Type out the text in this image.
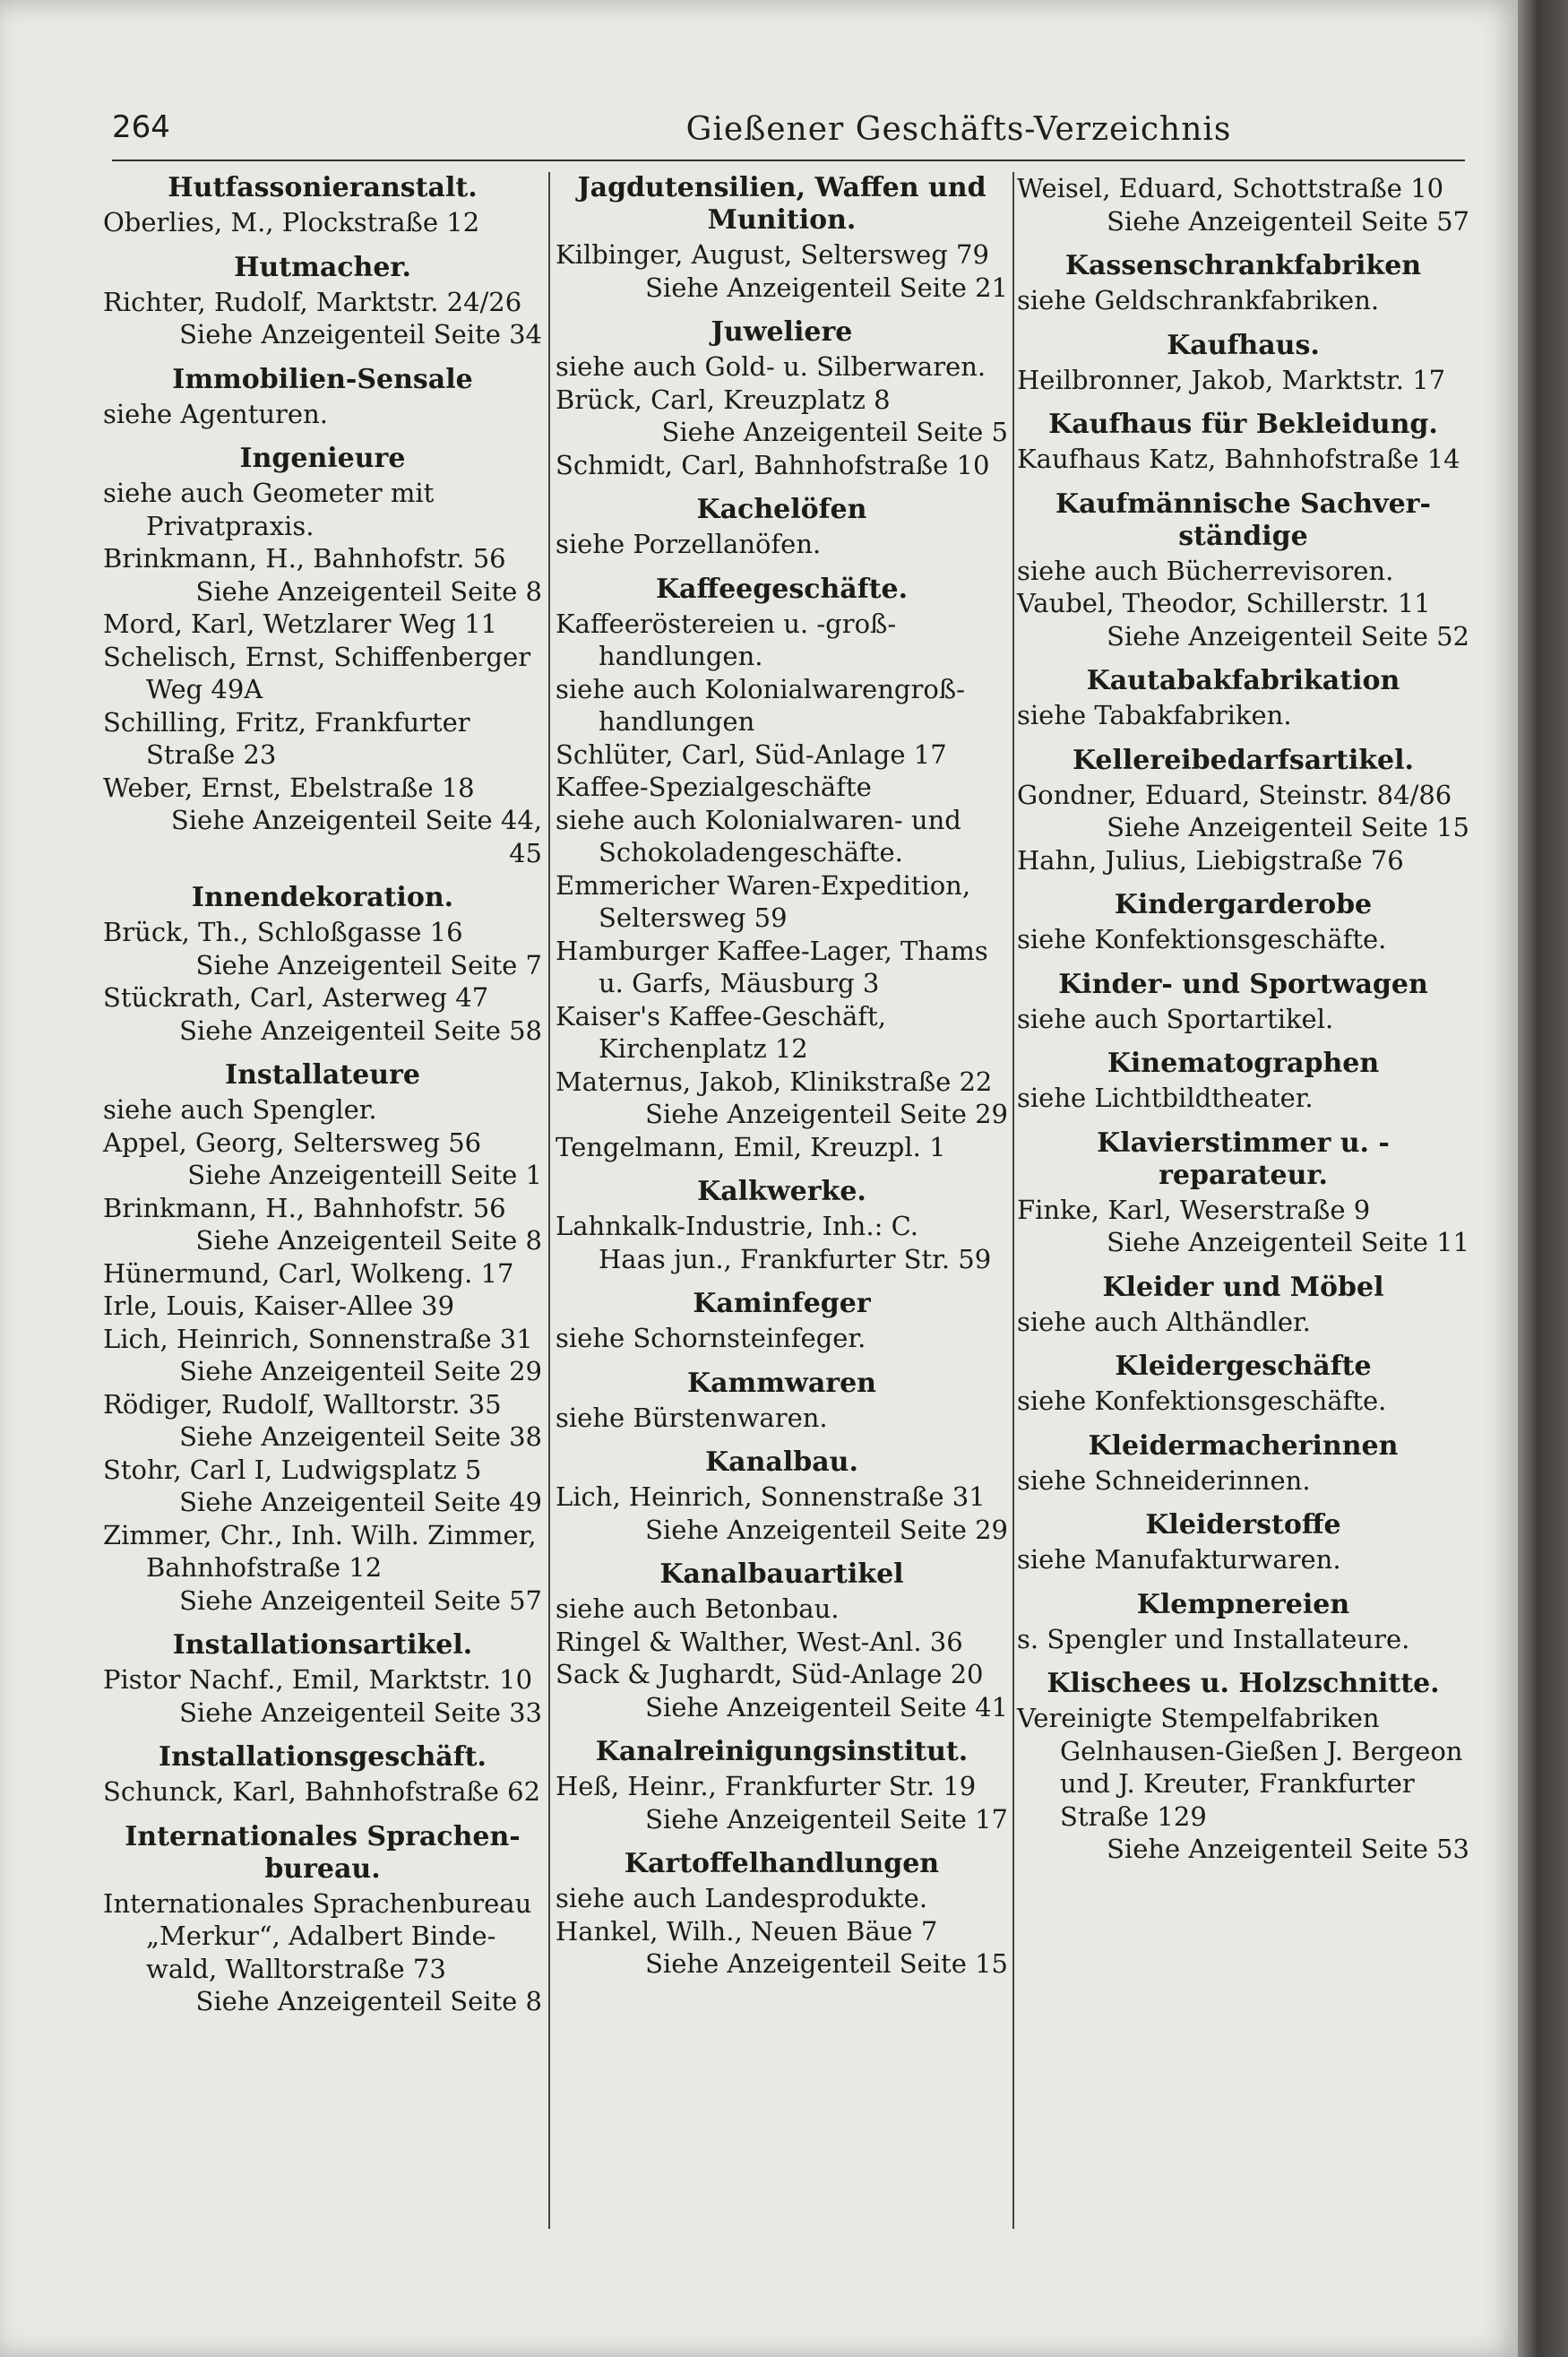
264	Gießener Geschäfts-Verzeichnis
Hutfassonieranstalt.
Oberlies, M., Plockstraße 12
Hutmacher.
Richter, Rudolf, Marktstr. 24/26
Siehe Anzeigenteil Seite 34
Immobilien-Sensale
siehe Agenturen.
Ingenieure
siehe auch Geometer mit
Privatpraxis.
Brinkmann, H., Bahnhofstr. 56
Siehe Anzeigenteil Seite 8
Mord, Karl, Wetzlarer Weg 11
Schelisch, Ernst, Schiffenberger
Weg 49A
Schilling, Fritz, Frankfurter
Straße 23
Weber, Ernst, Ebelstraße 18
Siehe Anzeigenteil Seite 44, 45
Innendekoration.
Brück, Th., Schloßgasse 16
Siehe Anzeigenteil Seite 7
Stückrath, Carl, Asterweg 47
Siehe Anzeigenteil Seite 58
Installateure
siehe auch Spengler.
Appel, Georg, Seltersweg 56
Siehe Anzeigenteill Seite 1
Brinkmann, H., Bahnhofstr. 56
Siehe Anzeigenteil Seite 8
Hünermund, Carl, Wolkeng. 17
Irle, Louis, Kaiser-Allee 39
Lich, Heinrich, Sonnenstraße 31
Siehe Anzeigenteil Seite 29
Rödiger, Rudolf, Walltorstr. 35
Siehe Anzeigenteil Seite 38
Stohr, Carl I, Ludwigsplatz 5
Siehe Anzeigenteil Seite 49
Zimmer, Chr., Inh. Wilh. Zimmer,
Bahnhofstraße 12
Siehe Anzeigenteil Seite 57
Installationsartikel.
Pistor Nachf., Emil, Marktstr. 10
Siehe Anzeigenteil Seite 33
Installationsgeschäft.
Schunck, Karl, Bahnhofstraße 62
Internationales Sprachen-bureau.
Internationales Sprachenbureau
„Merkur“, Adalbert Binde-
wald, Walltorstraße 73
Siehe Anzeigenteil Seite 8
Jagdutensilien, Waffen und Munition.
Kilbinger, August, Seltersweg 79
Siehe Anzeigenteil Seite 21
Juweliere
siehe auch Gold- u. Silberwaren.
Brück, Carl, Kreuzplatz 8
Siehe Anzeigenteil Seite 5
Schmidt, Carl, Bahnhofstraße 10
Kachelöfen
siehe Porzellanöfen.
Kaffeegeschäfte.
Kaffeeröstereien u. -groß-
handlungen.
siehe auch Kolonialwarengroß-
handlungen
Schlüter, Carl, Süd-Anlage 17
Kaffee-Spezialgeschäfte
siehe auch Kolonialwaren- und
Schokoladengeschäfte.
Emmericher Waren-Expedition,
Seltersweg 59
Hamburger Kaffee-Lager, Thams
u. Garfs, Mäusburg 3
Kaiser's Kaffee-Geschäft,
Kirchenplatz 12
Maternus, Jakob, Klinikstraße 22
Siehe Anzeigenteil Seite 29
Tengelmann, Emil, Kreuzpl. 1
Kalkwerke.
Lahnkalk-Industrie, Inh.: C.
Haas jun., Frankfurter Str. 59
Kaminfeger
siehe Schornsteinfeger.
Kammwaren
siehe Bürstenwaren.
Kanalbau.
Lich, Heinrich, Sonnenstraße 31
Siehe Anzeigenteil Seite 29
Kanalbauartikel
siehe auch Betonbau.
Ringel & Walther, West-Anl. 36
Sack & Jughardt, Süd-Anlage 20
Siehe Anzeigenteil Seite 41
Kanalreinigungsinstitut.
Heß, Heinr., Frankfurter Str. 19
Siehe Anzeigenteil Seite 17
Kartoffelhandlungen
siehe auch Landesprodukte.
Hankel, Wilh., Neuen Bäue 7
Siehe Anzeigenteil Seite 15
Weisel, Eduard, Schottstraße 10
Siehe Anzeigenteil Seite 57
Kassenschrankfabriken
siehe Geldschrankfabriken.
Kaufhaus.
Heilbronner, Jakob, Marktstr. 17
Kaufhaus für Bekleidung.
Kaufhaus Katz, Bahnhofstraße 14
Kaufmännische Sachver-ständige
siehe auch Bücherrevisoren.
Vaubel, Theodor, Schillerstr. 11
Siehe Anzeigenteil Seite 52
Kautabakfabrikation
siehe Tabakfabriken.
Kellereibedarfsartikel.
Gondner, Eduard, Steinstr. 84/86
Siehe Anzeigenteil Seite 15
Hahn, Julius, Liebigstraße 76
Kindergarderobe
siehe Konfektionsgeschäfte.
Kinder- und Sportwagen
siehe auch Sportartikel.
Kinematographen
siehe Lichtbildtheater.
Klavierstimmer u. -reparateur.
Finke, Karl, Weserstraße 9
Siehe Anzeigenteil Seite 11
Kleider und Möbel
siehe auch Althändler.
Kleidergeschäfte
siehe Konfektionsgeschäfte.
Kleidermacherinnen
siehe Schneiderinnen.
Kleiderstoffe
siehe Manufakturwaren.
Klempnereien
s. Spengler und Installateure.
Klischees u. Holzschnitte.
Vereinigte Stempelfabriken
Gelnhausen-Gießen J. Bergeon
und J. Kreuter, Frankfurter
Straße 129
Siehe Anzeigenteil Seite 53
